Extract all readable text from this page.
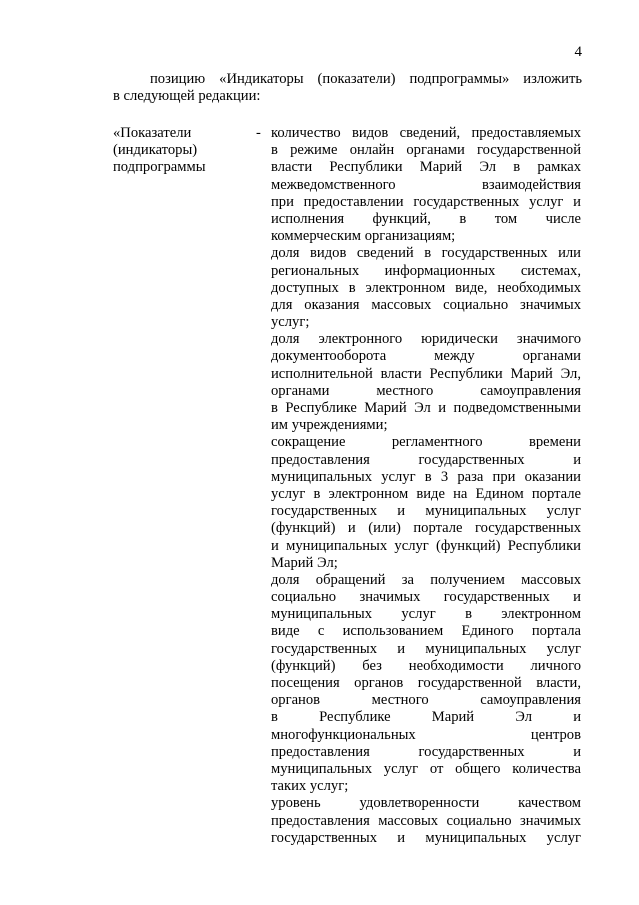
4
позицию «Индикаторы (показатели) подпрограммы» изложить
в следующей редакции:
«Показатели
(индикаторы)
подпрограммы
- количество видов сведений, предоставляемых
в режиме онлайн органами государственной
власти Республики Марий Эл в рамках
межведомственного взаимодействия
при предоставлении государственных услуг и
исполнения функций, в том числе
коммерческим организациям;
доля видов сведений в государственных или
региональных информационных системах,
доступных в электронном виде, необходимых
для оказания массовых социально значимых
услуг;
доля электронного юридически значимого
документооборота между органами
исполнительной власти Республики Марий Эл,
органами местного самоуправления
в Республике Марий Эл и подведомственными
им учреждениями;
сокращение регламентного времени
предоставления государственных и
муниципальных услуг в 3 раза при оказании
услуг в электронном виде на Едином портале
государственных и муниципальных услуг
(функций) и (или) портале государственных
и муниципальных услуг (функций) Республики
Марий Эл;
доля обращений за получением массовых
социально значимых государственных и
муниципальных услуг в электронном
виде с использованием Единого портала
государственных и муниципальных услуг
(функций) без необходимости личного
посещения органов государственной власти,
органов местного самоуправления
в Республике Марий Эл и
многофункциональных центров
предоставления государственных и
муниципальных услуг от общего количества
таких услуг;
уровень удовлетворенности качеством
предоставления массовых социально значимых
государственных и муниципальных услуг
